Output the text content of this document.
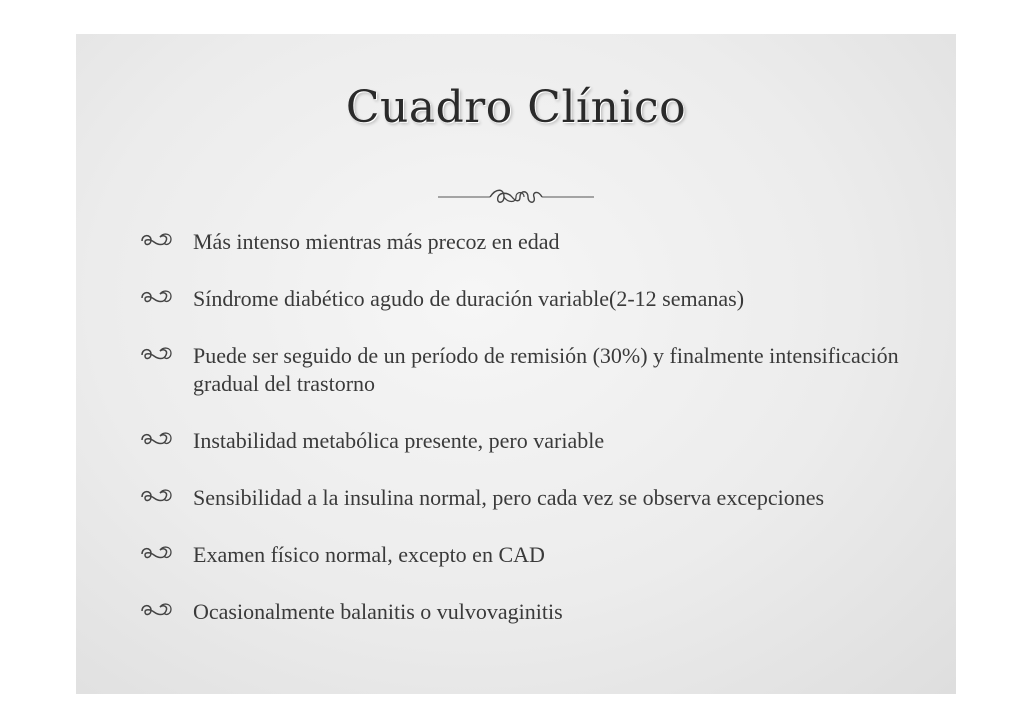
Cuadro Clínico
Más intenso mientras más precoz en edad
Síndrome diabético agudo de duración variable(2-12 semanas)
Puede ser seguido de un período de remisión (30%) y finalmente intensificación gradual del trastorno
Instabilidad metabólica presente, pero variable
Sensibilidad a la insulina normal, pero cada vez se observa excepciones
Examen físico normal, excepto en CAD
Ocasionalmente balanitis o vulvovaginitis
